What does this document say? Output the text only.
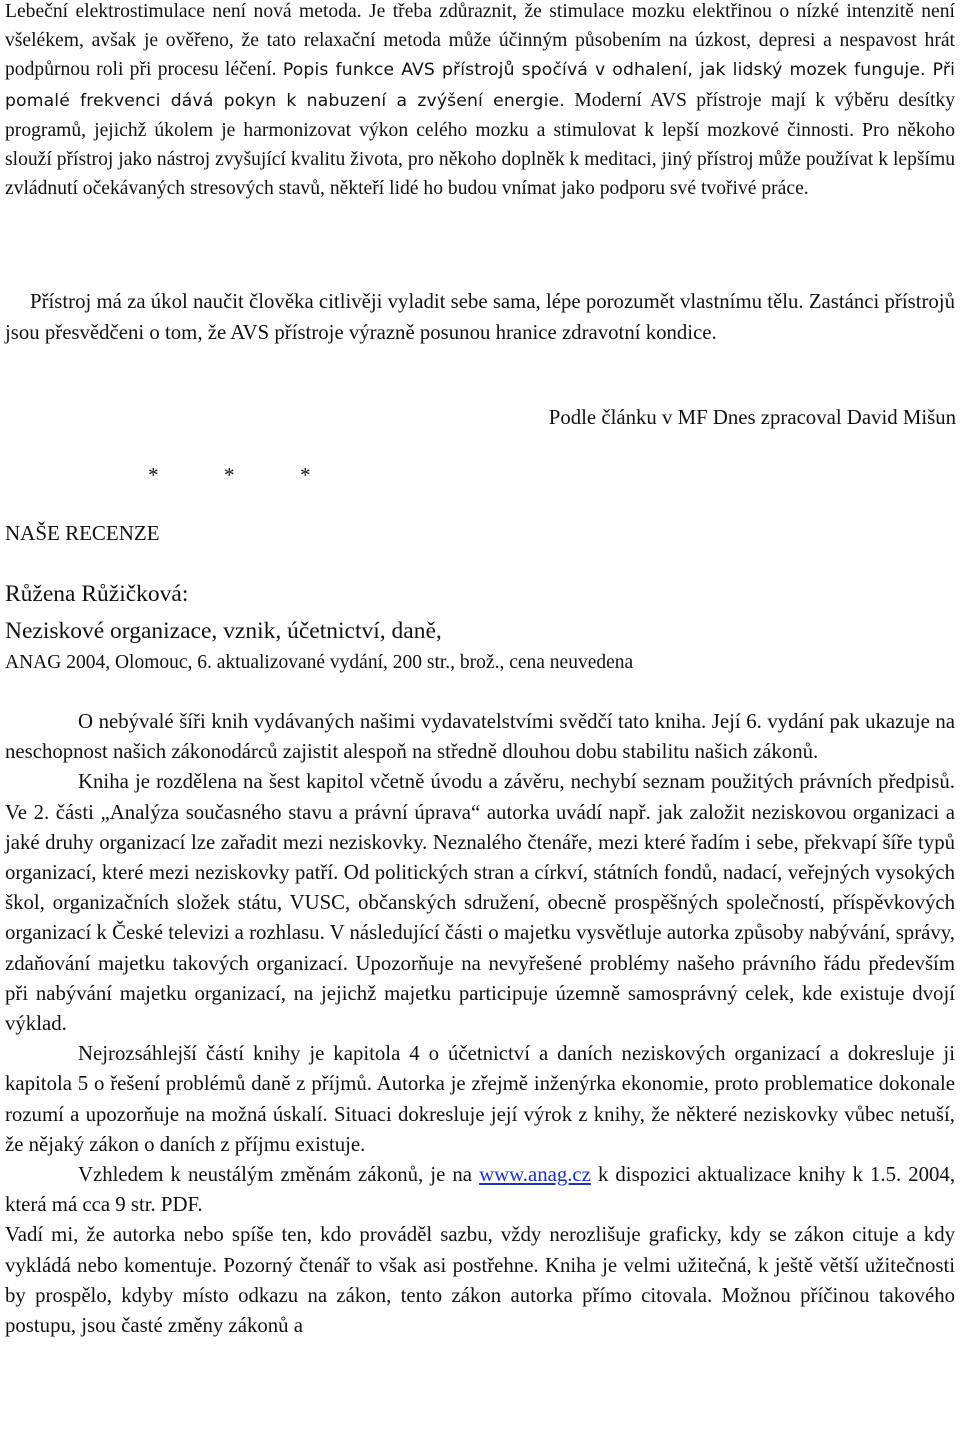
Lebeční elektrostimulace není nová metoda. Je třeba zdůraznit, že stimulace mozku elektřinou o nízké intenzitě není všelékem, avšak je ověřeno, že tato relaxační metoda může účinným působením na úzkost, depresi a nespavost hrát podpůrnou roli při procesu léčení. Popis funkce AVS přístrojů spočívá v odhalení, jak lidský mozek funguje. Při pomalé frekvenci dává pokyn k nabuzení a zvýšení energie. Moderní AVS přístroje mají k výběru desítky programů, jejichž úkolem je harmonizovat výkon celého mozku a stimulovat k lepší mozkové činnosti. Pro někoho slouží přístroj jako nástroj zvyšující kvalitu života, pro někoho doplněk k meditaci, jiný přístroj může používat k lepšímu zvládnutí očekávaných stresových stavů, někteří lidé ho budou vnímat jako podporu své tvořivé práce.

Přístroj má za úkol naučit člověka citlivěji vyladit sebe sama, lépe porozumět vlastnímu tělu. Zastánci přístrojů jsou přesvědčeni o tom, že AVS přístroje výrazně posunou hranice zdravotní kondice.

Podle článku v MF Dnes zpracoval David Mišun
*	*	*
NAŠE RECENZE
Růžena Růžičková:
Neziskové organizace, vznik, účetnictví, daně,
ANAG 2004, Olomouc, 6. aktualizované vydání, 200 str., brož., cena neuvedena
O nebývalé šíři knih vydávaných našimi vydavatelstvími svědčí tato kniha. Její 6. vydání pak ukazuje na neschopnost našich zákonodárců zajistit alespoň na středně dlouhou dobu stabilitu našich zákonů.
Kniha je rozdělena na šest kapitol včetně úvodu a závěru, nechybí seznam použitých právních předpisů. Ve 2. části „Analýza současného stavu a právní úprava“ autorka uvádí např. jak založit neziskovou organizaci a jaké druhy organizací lze zařadit mezi neziskovky. Neznalého čtenáře, mezi které řadím i sebe, překvapí šíře typů organizací, které mezi neziskovky patří. Od politických stran a církví, státních fondů, nadací, veřejných vysokých škol, organizačních složek státu, VUSC, občanských sdružení, obecně prospěšných společností, příspěvkových organizací k České televizi a rozhlasu. V následující části o majetku vysvětluje autorka způsoby nabývání, správy, zdaňování majetku takových organizací. Upozorňuje na nevyřešené problémy našeho právního řádu především při nabývání majetku organizací, na jejichž majetku participuje územně samosprávný celek, kde existuje dvojí výklad.
Nejrozsáhlejší částí knihy je kapitola 4 o účetnictví a daních neziskových organizací a dokresluje ji kapitola 5 o řešení problémů daně z příjmů. Autorka je zřejmě inženýrka ekonomie, proto problematice dokonale rozumí a upozorňuje na možná úskalí. Situaci dokresluje její výrok z knihy, že některé neziskovky vůbec netuší, že nějaký zákon o daních z příjmu existuje.
Vzhledem k neustálým změnám zákonů, je na www.anag.cz k dispozici aktualizace knihy k 1.5. 2004, která má cca 9 str. PDF.
Vadí mi, že autorka nebo spíše ten, kdo prováděl sazbu, vždy nerozlišuje graficky, kdy se zákon cituje a kdy vykládá nebo komentuje. Pozorný čtenář to však asi postřehne. Kniha je velmi užitečná, k ještě větší užitečnosti by prospělo, kdyby místo odkazu na zákon, tento zákon autorka přímo citovala. Možnou příčinou takového postupu, jsou časté změny zákonů a
